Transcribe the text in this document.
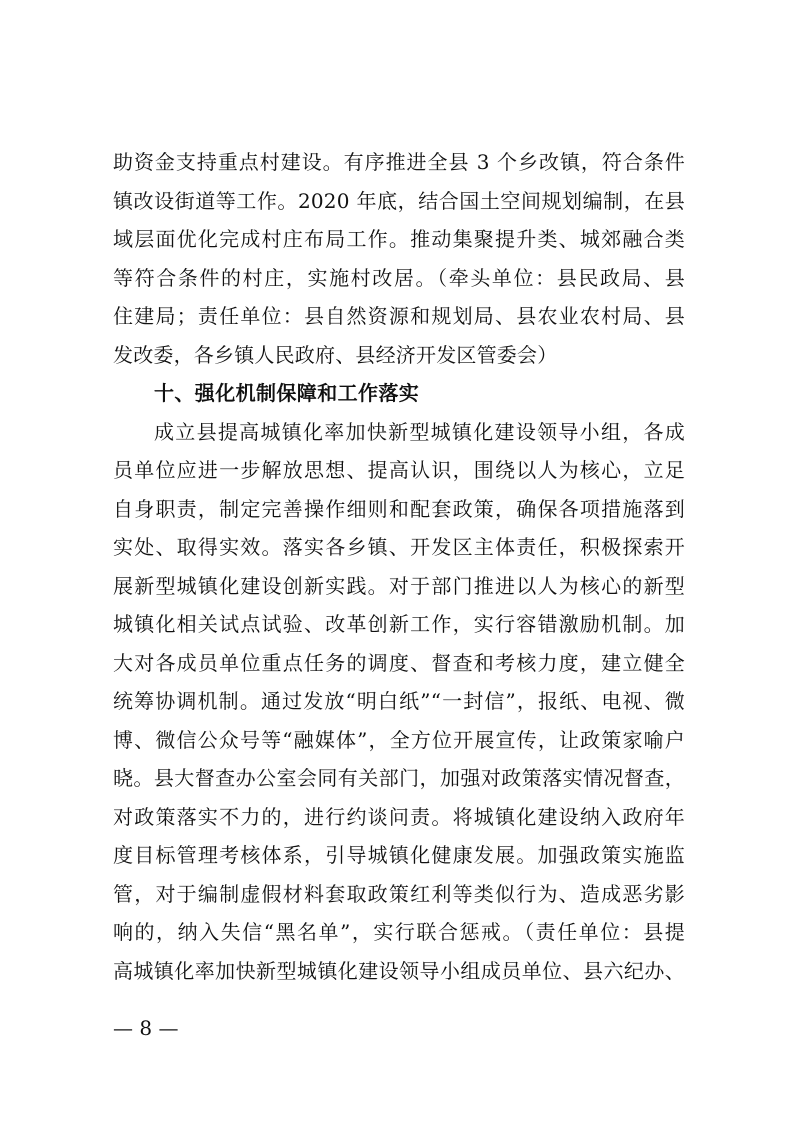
助资金支持重点村建设。有序推进全县 3 个乡改镇，符合条件
镇改设街道等工作。2020 年底，结合国土空间规划编制，在县
域层面优化完成村庄布局工作。推动集聚提升类、城郊融合类
等符合条件的村庄，实施村改居。（牵头单位：县民政局、县
住建局；责任单位：县自然资源和规划局、县农业农村局、县
发改委，各乡镇人民政府、县经济开发区管委会）
十、强化机制保障和工作落实
成立县提高城镇化率加快新型城镇化建设领导小组，各成
员单位应进一步解放思想、提高认识，围绕以人为核心，立足
自身职责，制定完善操作细则和配套政策，确保各项措施落到
实处、取得实效。落实各乡镇、开发区主体责任，积极探索开
展新型城镇化建设创新实践。对于部门推进以人为核心的新型
城镇化相关试点试验、改革创新工作，实行容错激励机制。加
大对各成员单位重点任务的调度、督查和考核力度，建立健全
统筹协调机制。通过发放“明白纸”“一封信”，报纸、电视、微
博、微信公众号等“融媒体”，全方位开展宣传，让政策家喻户
晓。县大督查办公室会同有关部门，加强对政策落实情况督查，
对政策落实不力的，进行约谈问责。将城镇化建设纳入政府年
度目标管理考核体系，引导城镇化健康发展。加强政策实施监
管，对于编制虚假材料套取政策红利等类似行为、造成恶劣影
响的，纳入失信“黑名单”，实行联合惩戒。（责任单位：县提
高城镇化率加快新型城镇化建设领导小组成员单位、县六纪办、
— 8 —
